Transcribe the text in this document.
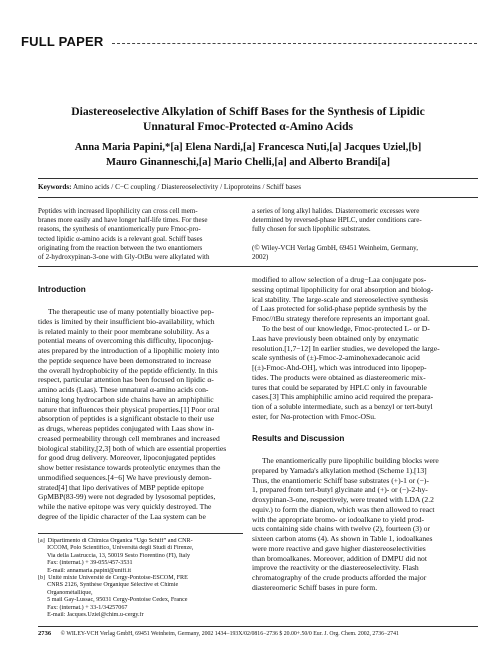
FULL PAPER
Diastereoselective Alkylation of Schiff Bases for the Synthesis of Lipidic
Unnatural Fmoc-Protected α-Amino Acids
Anna Maria Papini,*[a] Elena Nardi,[a] Francesca Nuti,[a] Jacques Uziel,[b]
Mauro Ginanneschi,[a] Mario Chelli,[a] and Alberto Brandi[a]
Keywords: Amino acids / C−C coupling / Diastereoselectivity / Lipoproteins / Schiff bases
Peptides with increased lipophilicity can cross cell mem-
branes more easily and have longer half-life times. For these
reasons, the synthesis of enantiomerically pure Fmoc-pro-
tected lipidic α-amino acids is a relevant goal. Schiff bases
originating from the reaction between the two enantiomers
of 2-hydroxypinan-3-one with Gly-OtBu were alkylated with
a series of long alkyl halides. Diastereomeric excesses were
determined by reversed-phase HPLC, under conditions care-
fully chosen for such lipophilic substrates.

(© Wiley-VCH Verlag GmbH, 69451 Weinheim, Germany,
2002)
Introduction
The therapeutic use of many potentially bioactive pep-
tides is limited by their insufficient bio-availability, which
is related mainly to their poor membrane solubility. As a
potential means of overcoming this difficulty, lipoconjug-
ates prepared by the introduction of a lipophilic moiety into
the peptide sequence have been demonstrated to increase
the overall hydrophobicity of the peptide efficiently. In this
respect, particular attention has been focused on lipidic α-
amino acids (Laas). These unnatural α-amino acids con-
taining long hydrocarbon side chains have an amphiphilic
nature that influences their physical properties.[1] Poor oral
absorption of peptides is a significant obstacle to their use
as drugs, whereas peptides conjugated with Laas show in-
creased permeability through cell membranes and increased
biological stability,[2,3] both of which are essential properties
for good drug delivery. Moreover, lipoconjugated peptides
show better resistance towards proteolytic enzymes than the
unmodified sequences.[4−6] We have previously demon-
strated[4] that lipo derivatives of MBP peptide epitope
GpMBP(83-99) were not degraded by lysosomal peptides,
while the native epitope was very quickly destroyed. The
degree of the lipidic character of the Laa system can be
modified to allow selection of a drug−Laa conjugate pos-
sessing optimal lipophilicity for oral absorption and biolog-
ical stability. The large-scale and stereoselective synthesis
of Laas protected for solid-phase peptide synthesis by the
Fmoc//tBu strategy therefore represents an important goal.
To the best of our knowledge, Fmoc-protected L- or D-
Laas have previously been obtained only by enzymatic
resolution.[1,7−12] In earlier studies, we developed the large-
scale synthesis of (±)-Fmoc-2-aminohexadecanoic acid
[(±)-Fmoc-Ahd-OH], which was introduced into lipopep-
tides. The products were obtained as diastereomeric mix-
tures that could be separated by HPLC only in favourable
cases.[3] This amphiphilic amino acid required the prepara-
tion of a soluble intermediate, such as a benzyl or tert-butyl
ester, for Nα-protection with Fmoc-OSu.
Results and Discussion
The enantiomerically pure lipophilic building blocks were
prepared by Yamada's alkylation method (Scheme 1).[13]
Thus, the enantiomeric Schiff base substrates (+)-1 or (−)-
1, prepared from tert-butyl glycinate and (+)- or (−)-2-hy-
droxypinan-3-one, respectively, were treated with LDA (2.2
equiv.) to form the dianion, which was then allowed to react
with the appropriate bromo- or iodoalkane to yield prod-
ucts containing side chains with twelve (2), fourteen (3) or
sixteen carbon atoms (4). As shown in Table 1, iodoalkanes
were more reactive and gave higher diastereoselectivities
than bromoalkanes. Moreover, addition of DMPU did not
improve the reactivity or the diastereoselectivity. Flash
chromatography of the crude products afforded the major
diastereomeric Schiff bases in pure form.
[a]  Dipartimento di Chimica Organica “Ugo Schiff” and CNR-
ICCOM, Polo Scientifico, Università degli Studi di Firenze,
Via della Lastruccia, 13, 50019 Sesto Fiorentino (FI), Italy
Fax: (internat.) + 39-055/457-3531
E-mail: annamaria.papini@unifi.it
[b]  Unité mixte Université de Cergy-Pontoise-ESCOM, FRE
CNRS 2126, Synthèse Organique Sélective et Chimie
Organométallique,
5 mail Gay-Lussac, 95031 Cergy-Pontoise Cedex, France
Fax: (internat.) + 33-1/34257067
E-mail: Jacques.Uziel@chim.u-cergy.fr
2736 © WILEY-VCH Verlag GmbH, 69451 Weinheim, Germany, 2002 1434−193X/02/0816−2736 $ 20.00+.50/0 Eur. J. Org. Chem. 2002, 2736−2741
